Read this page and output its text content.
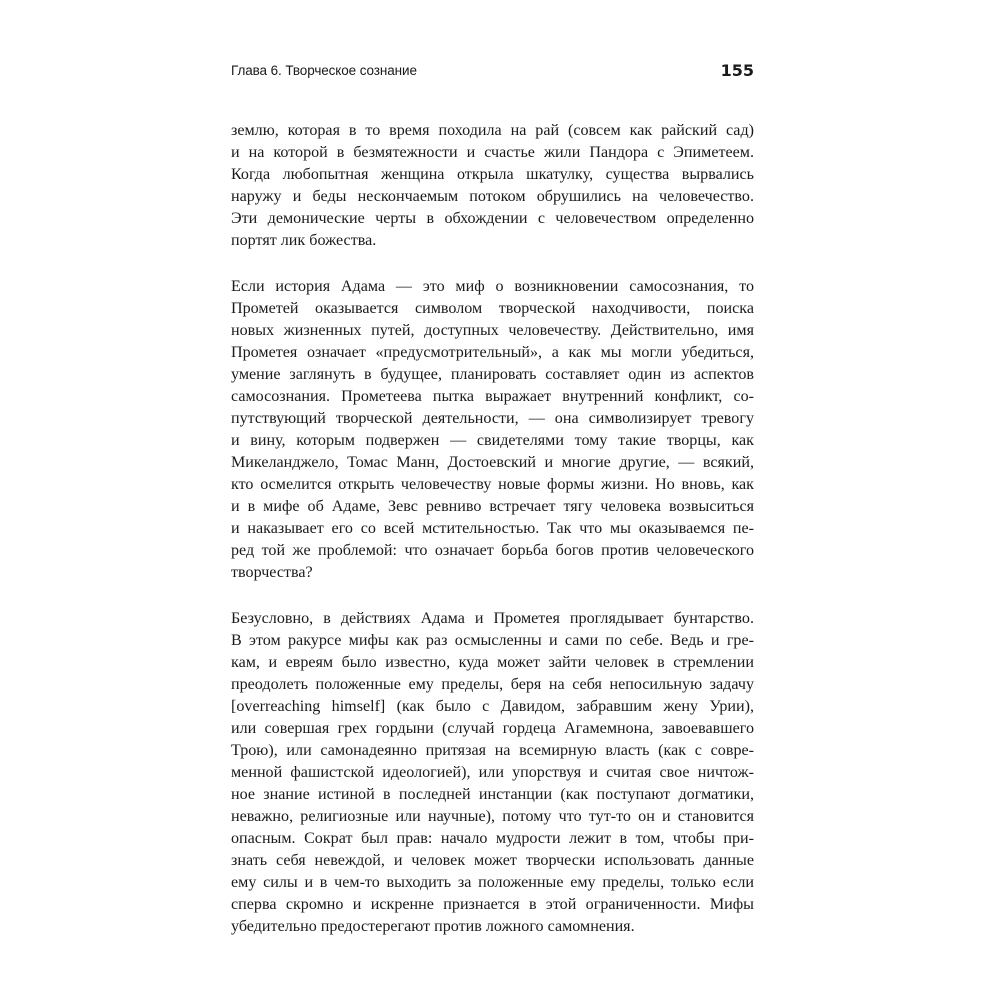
Глава 6. Творческое сознание	155
землю, которая в то время походила на рай (совсем как райский сад)
и на которой в безмятежности и счастье жили Пандора с Эпиметеем.
Когда любопытная женщина открыла шкатулку, существа вырвались
наружу и беды нескончаемым потоком обрушились на человечество.
Эти демонические черты в обхождении с человечеством определенно
портят лик божества.
Если история Адама — это миф о возникновении самосознания, то
Прометей оказывается символом творческой находчивости, поиска
новых жизненных путей, доступных человечеству. Действительно, имя
Прометея означает «предусмотрительный», а как мы могли убедиться,
умение заглянуть в будущее, планировать составляет один из аспектов
самосознания. Прометеева пытка выражает внутренний конфликт, со-
путствующий творческой деятельности, — она символизирует тревогу
и вину, которым подвержен — свидетелями тому такие творцы, как
Микеланджело, Томас Манн, Достоевский и многие другие, — всякий,
кто осмелится открыть человечеству новые формы жизни. Но вновь, как
и в мифе об Адаме, Зевс ревниво встречает тягу человека возвыситься
и наказывает его со всей мстительностью. Так что мы оказываемся пе-
ред той же проблемой: что означает борьба богов против человеческого
творчества?
Безусловно, в действиях Адама и Прометея проглядывает бунтарство.
В этом ракурсе мифы как раз осмысленны и сами по себе. Ведь и гре-
кам, и евреям было известно, куда может зайти человек в стремлении
преодолеть положенные ему пределы, беря на себя непосильную задачу
[overreaching himself] (как было с Давидом, забравшим жену Урии),
или совершая грех гордыни (случай гордеца Агамемнона, завоевавшего
Трою), или самонадеянно притязая на всемирную власть (как с совре-
менной фашистской идеологией), или упорствуя и считая свое ничтож-
ное знание истиной в последней инстанции (как поступают догматики,
неважно, религиозные или научные), потому что тут-то он и становится
опасным. Сократ был прав: начало мудрости лежит в том, чтобы при-
знать себя невеждой, и человек может творчески использовать данные
ему силы и в чем-то выходить за положенные ему пределы, только если
сперва скромно и искренне признается в этой ограниченности. Мифы
убедительно предостерегают против ложного самомнения.
